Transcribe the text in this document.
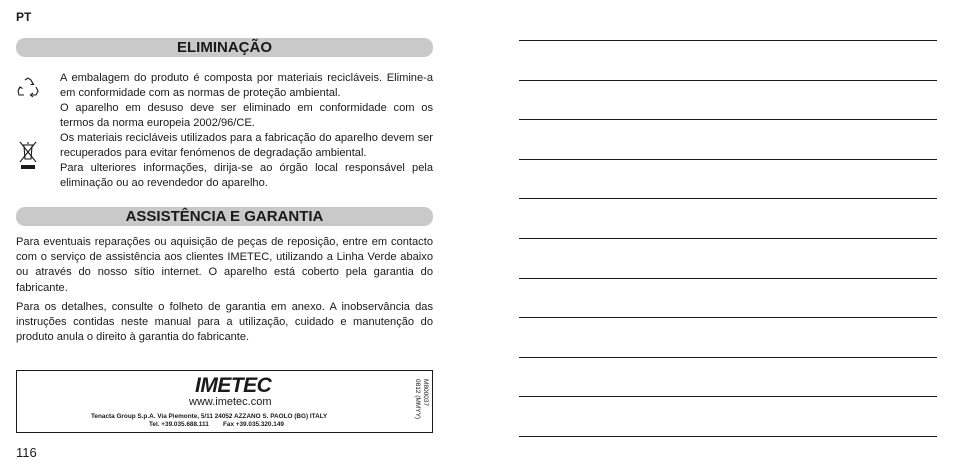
PT
ELIMINAÇÃO

A embalagem do produto é composta por materiais recicláveis. Elimine-a em conformidade com as normas de proteção ambiental.

O aparelho em desuso deve ser eliminado em conformidade com os termos da norma europeia 2002/96/CE.

Os materiais recicláveis utilizados para a fabricação do aparelho devem ser recuperados para evitar fenómenos de degradação ambiental.

Para ulteriores informações, dirija-se ao órgão local responsável pela eliminação ou ao revendedor do aparelho.

ASSISTÊNCIA E GARANTIA

Para eventuais reparações ou aquisição de peças de reposição, entre em contacto com o serviço de assistência aos clientes IMETEC, utilizando a Linha Verde abaixo ou através do nosso sítio internet. O aparelho está coberto pela garantia do fabricante.

Para os detalhes, consulte o folheto de garantia em anexo. A inobservância das instruções contidas neste manual para a utilização, cuidado e manutenção do produto anula o direito à garantia do fabricante.

IMETEC
www.imetec.com
Tenacta Group S.p.A. Via Piemonte, 5/11 24052 AZZANO S. PAOLO (BG) ITALY
Tel. +39.035.688.111 Fax +39.035.320.149
M800037
0812 (MMYY)
116
